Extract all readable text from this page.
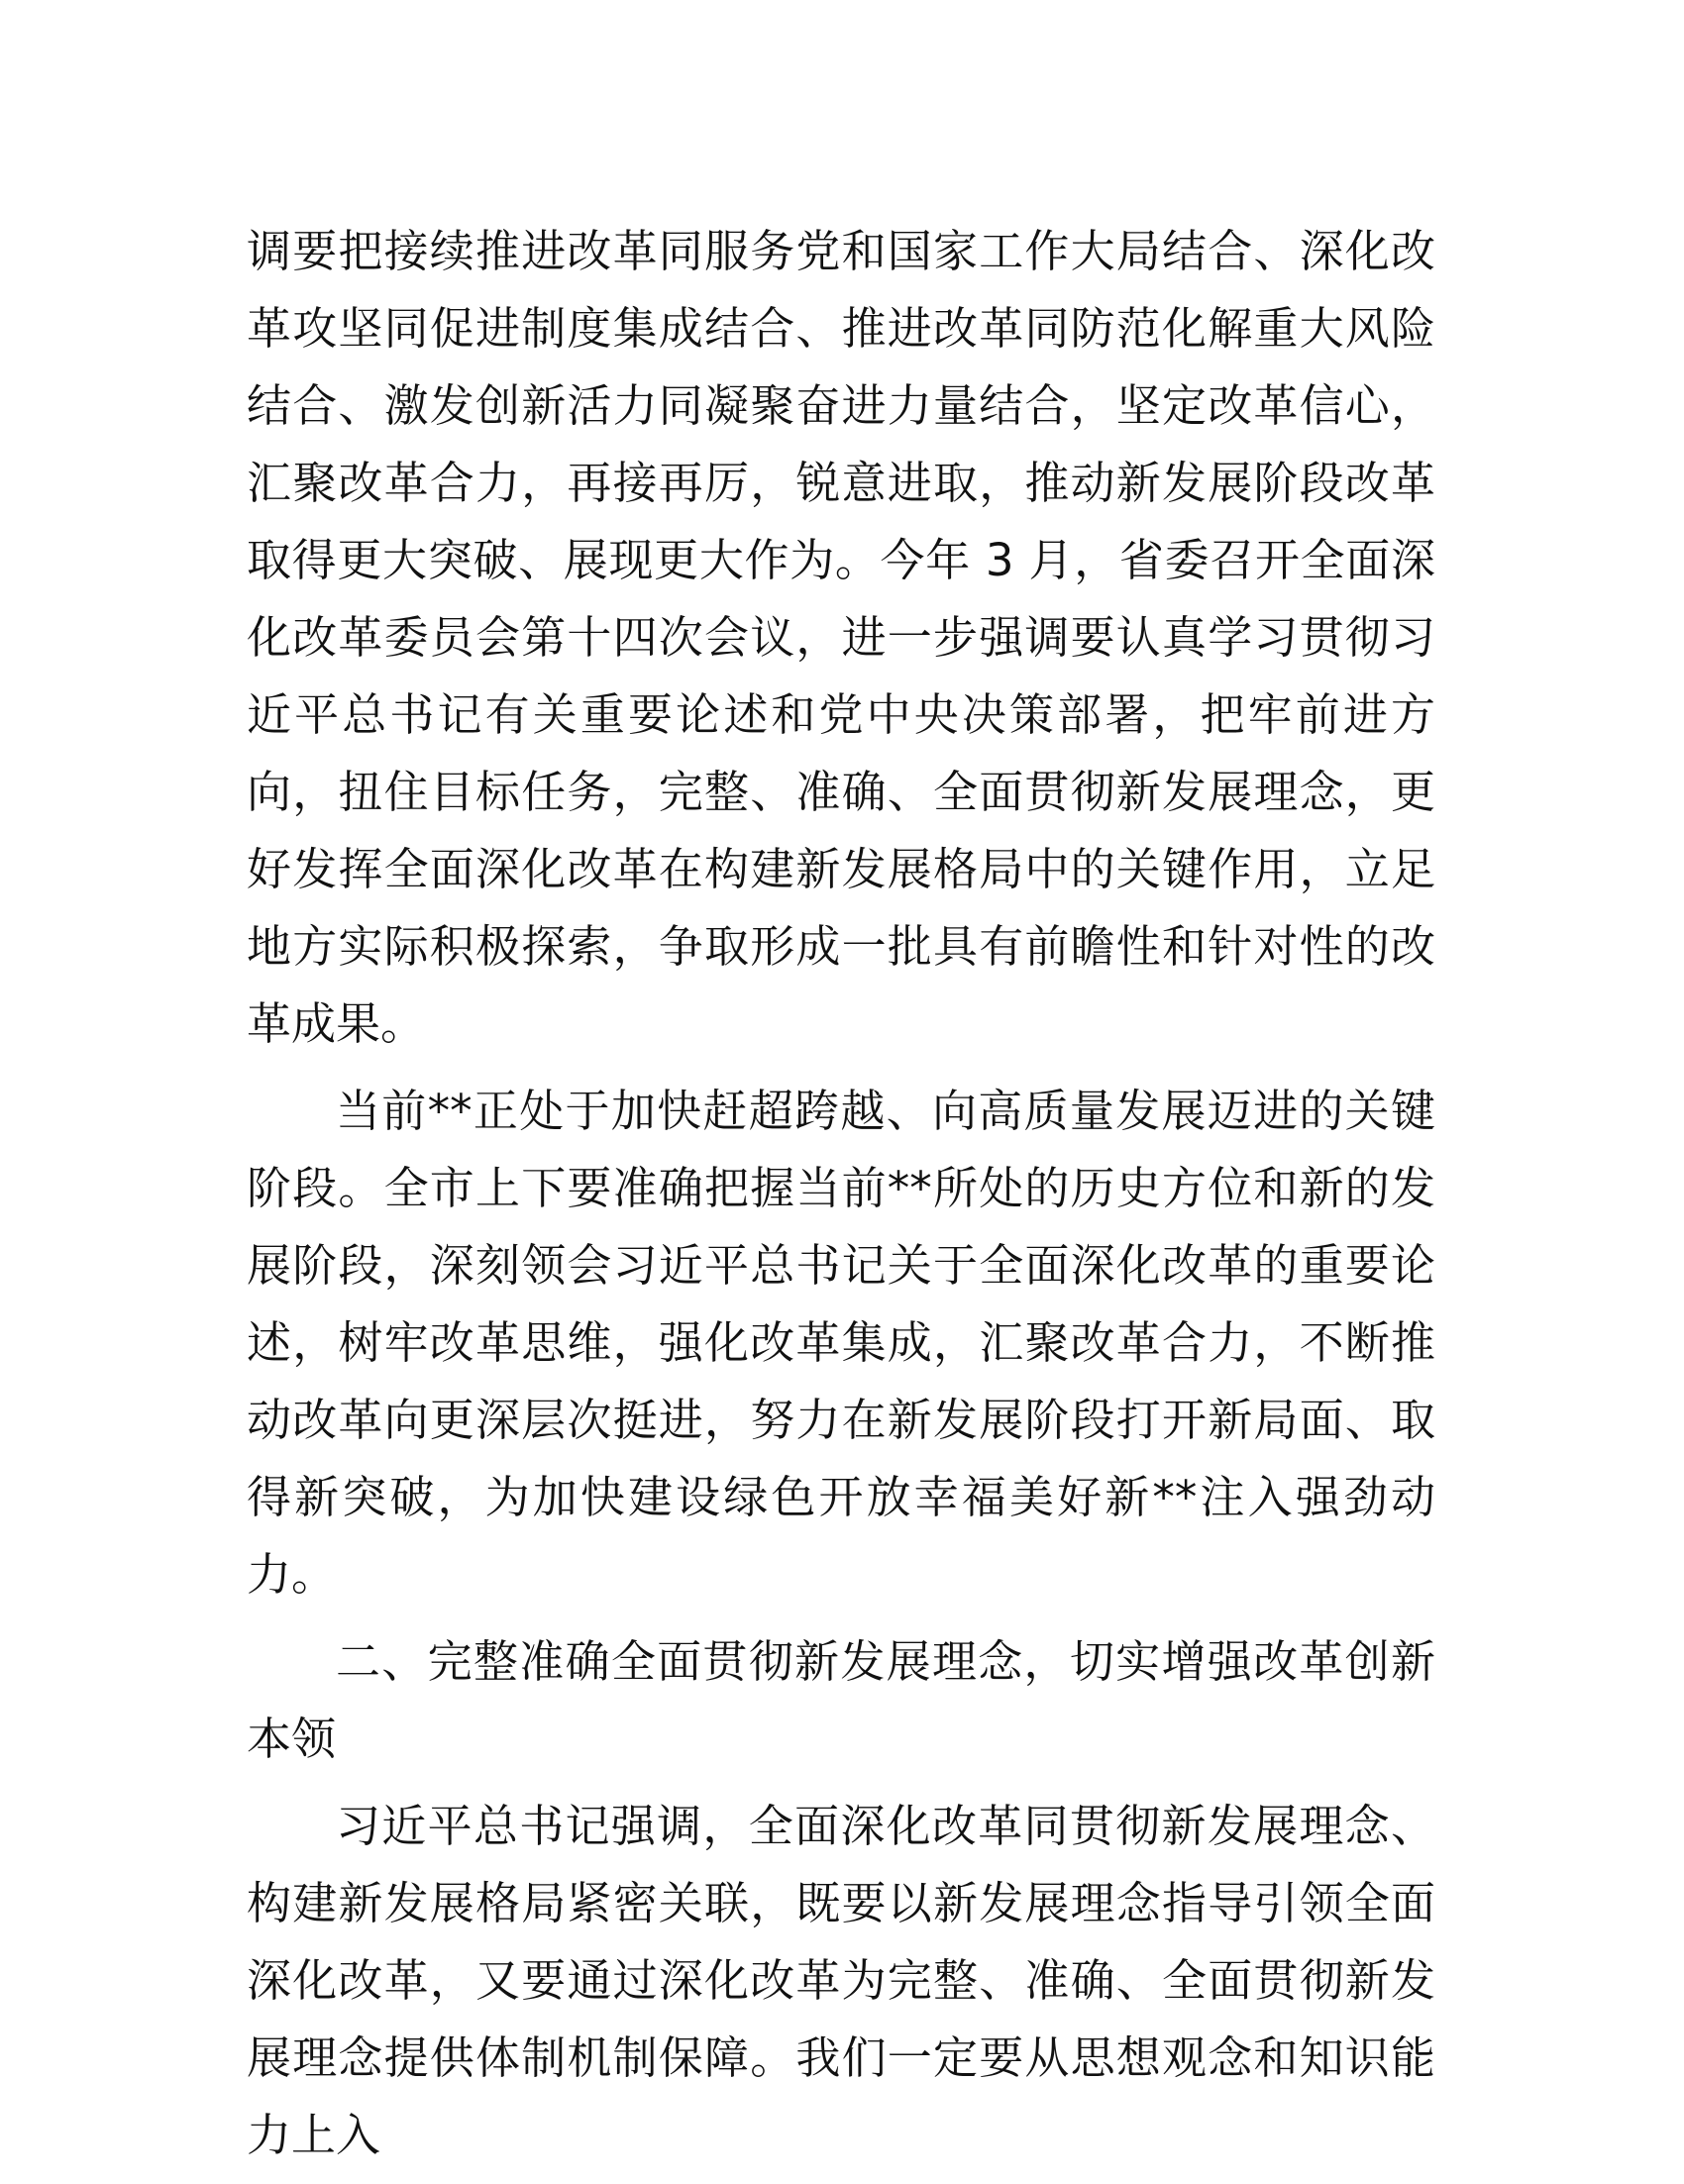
调要把接续推进改革同服务党和国家工作大局结合、深化改革攻坚同促进制度集成结合、推进改革同防范化解重大风险结合、激发创新活力同凝聚奋进力量结合，坚定改革信心，汇聚改革合力，再接再厉，锐意进取，推动新发展阶段改革取得更大突破、展现更大作为。今年 3 月，省委召开全面深化改革委员会第十四次会议，进一步强调要认真学习贯彻习近平总书记有关重要论述和党中央决策部署，把牢前进方向，扭住目标任务，完整、准确、全面贯彻新发展理念，更好发挥全面深化改革在构建新发展格局中的关键作用，立足地方实际积极探索，争取形成一批具有前瞻性和针对性的改革成果。

当前**正处于加快赶超跨越、向高质量发展迈进的关键阶段。全市上下要准确把握当前**所处的历史方位和新的发展阶段，深刻领会习近平总书记关于全面深化改革的重要论述，树牢改革思维，强化改革集成，汇聚改革合力，不断推动改革向更深层次挺进，努力在新发展阶段打开新局面、取得新突破，为加快建设绿色开放幸福美好新**注入强劲动力。

二、完整准确全面贯彻新发展理念，切实增强改革创新本领

习近平总书记强调，全面深化改革同贯彻新发展理念、构建新发展格局紧密关联，既要以新发展理念指导引领全面深化改革，又要通过深化改革为完整、准确、全面贯彻新发展理念提供体制机制保障。我们一定要从思想观念和知识能力上入
